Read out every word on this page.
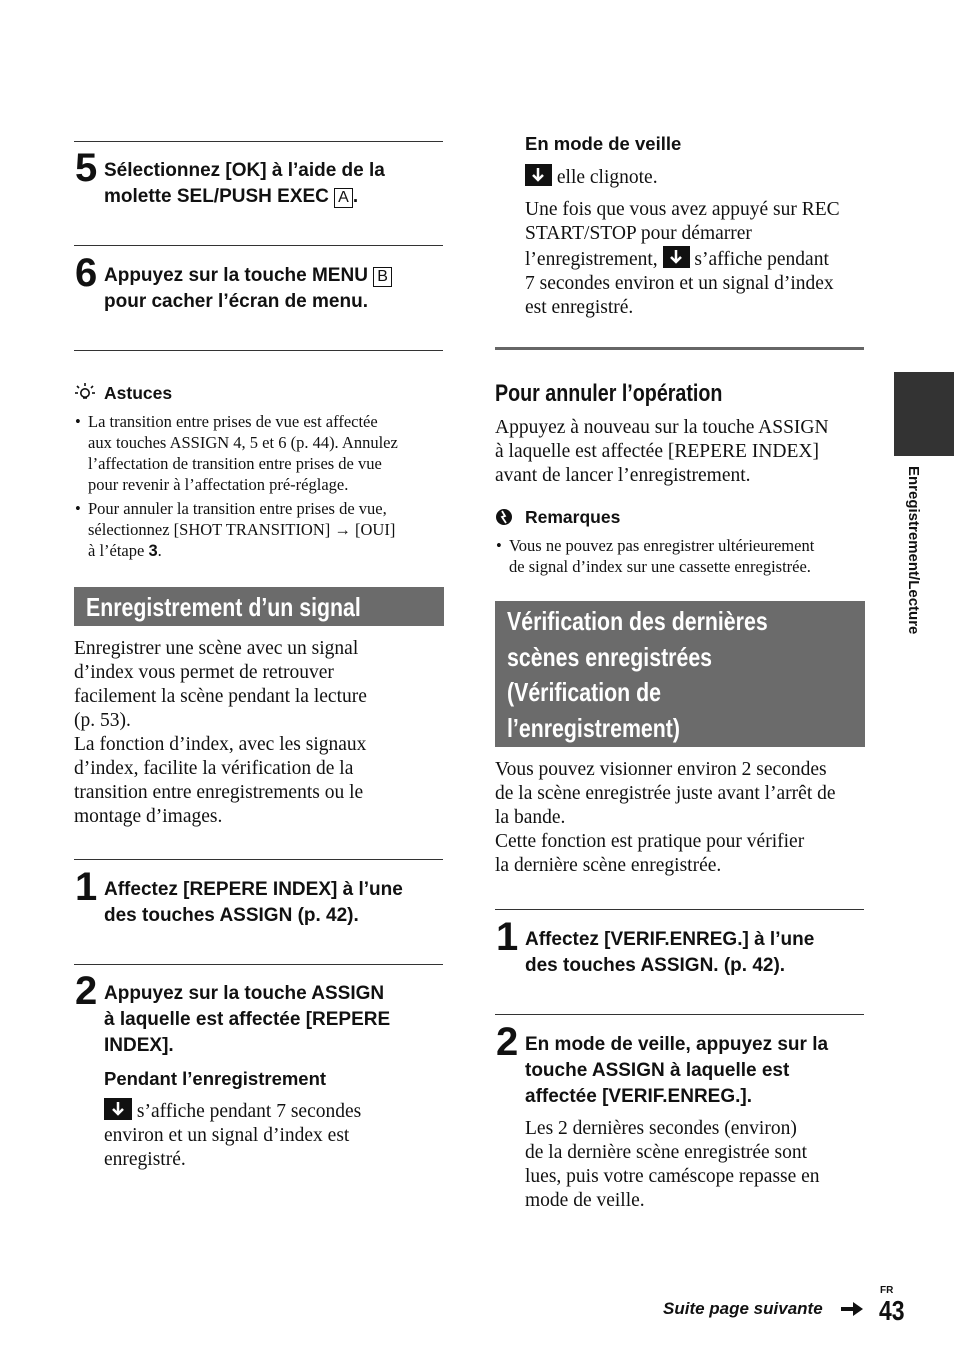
5 Sélectionnez [OK] à l’aide de la
molette SEL/PUSH EXEC A .
6 Appuyez sur la touche MENU B
pour cacher l’écran de menu.
Astuces
• La transition entre prises de vue est affectée
aux touches ASSIGN 4, 5 et 6 (p. 44). Annulez
l’affectation de transition entre prises de vue
pour revenir à l’affectation pré-réglage.
• Pour annuler la transition entre prises de vue,
sélectionnez [SHOT TRANSITION] → [OUI]
à l’étape 3.
Enregistrement d’un signal
Enregistrer une scène avec un signal
d’index vous permet de retrouver
facilement la scène pendant la lecture
(p. 53).
La fonction d’index, avec les signaux
d’index, facilite la vérification de la
transition entre enregistrements ou le
montage d’images.
1 Affectez [REPERE INDEX] à l’une
des touches ASSIGN (p. 42).
2 Appuyez sur la touche ASSIGN
à laquelle est affectée [REPERE
INDEX].
Pendant l’enregistrement
s’affiche pendant 7 secondes
environ et un signal d’index est
enregistré.
En mode de veille
elle clignote.
Une fois que vous avez appuyé sur REC
START/STOP pour démarrer
l’enregistrement,
s’affiche pendant
7 secondes environ et un signal d’index
est enregistré.
Pour annuler l’opération
Appuyez à nouveau sur la touche ASSIGN
à laquelle est affectée [REPERE INDEX]
avant de lancer l’enregistrement.
Remarques
• Vous ne pouvez pas enregistrer ultérieurement
de signal d’index sur une cassette enregistrée.
Vérification des dernières
scènes enregistrées
(Vérification de
l’enregistrement)
Vous pouvez visionner environ 2 secondes
de la scène enregistrée juste avant l’arrêt de
la bande.
Cette fonction est pratique pour vérifier
la dernière scène enregistrée.
1 Affectez [VERIF.ENREG.] à l’une
des touches ASSIGN. (p. 42).
2 En mode de veille, appuyez sur la
touche ASSIGN à laquelle est
affectée [VERIF.ENREG.].
Les 2 dernières secondes (environ)
de la dernière scène enregistrée sont
lues, puis votre caméscope repasse en
mode de veille.
Enregistrement/Lecture
Suite page suivante
FR
43
